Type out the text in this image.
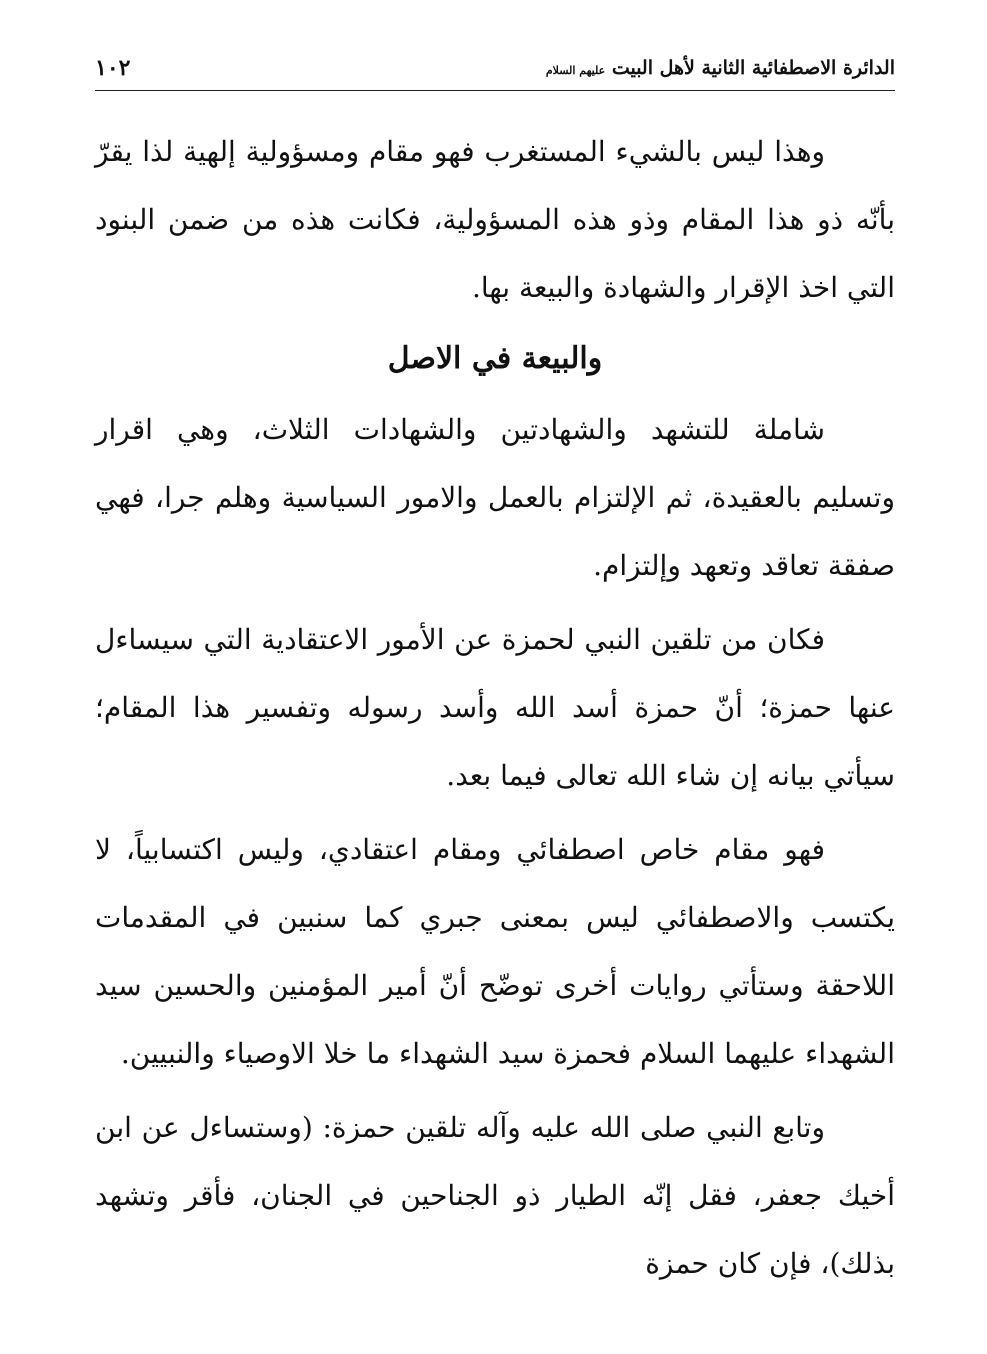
الدائرة الاصطفائية الثانية لأهل البيت عليهم السلام
١٠٢

وهذا ليس بالشيء المستغرب فهو مقام ومسؤولية إلهية لذا يقرّ بأنّه ذو هذا المقام وذو هذه المسؤولية، فكانت هذه من ضمن البنود التي اخذ الإقرار والشهادة والبيعة بها.

والبيعة في الاصل

شاملة للتشهد والشهادتين والشهادات الثلاث، وهي اقرار وتسليم بالعقيدة، ثم الإلتزام بالعمل والامور السياسية وهلم جرا، فهي صفقة تعاقد وتعهد وإلتزام.

فكان من تلقين النبي لحمزة عن الأمور الاعتقادية التي سيساءل عنها حمزة؛ أنّ حمزة أسد الله وأسد رسوله وتفسير هذا المقام؛ سيأتي بيانه إن شاء الله تعالى فيما بعد.

فهو مقام خاص اصطفائي ومقام اعتقادي، وليس اكتسابياً، لا يكتسب والاصطفائي ليس بمعنى جبري كما سنبين في المقدمات اللاحقة وستأتي روايات أخرى توضّح أنّ أمير المؤمنين والحسين سيد الشهداء عليهما السلام فحمزة سيد الشهداء ما خلا الاوصياء والنبيين.

وتابع النبي صلى الله عليه وآله تلقين حمزة: (وستساءل عن ابن أخيك جعفر، فقل إنّه الطيار ذو الجناحين في الجنان، فأقر وتشهد بذلك)، فإن كان حمزة
